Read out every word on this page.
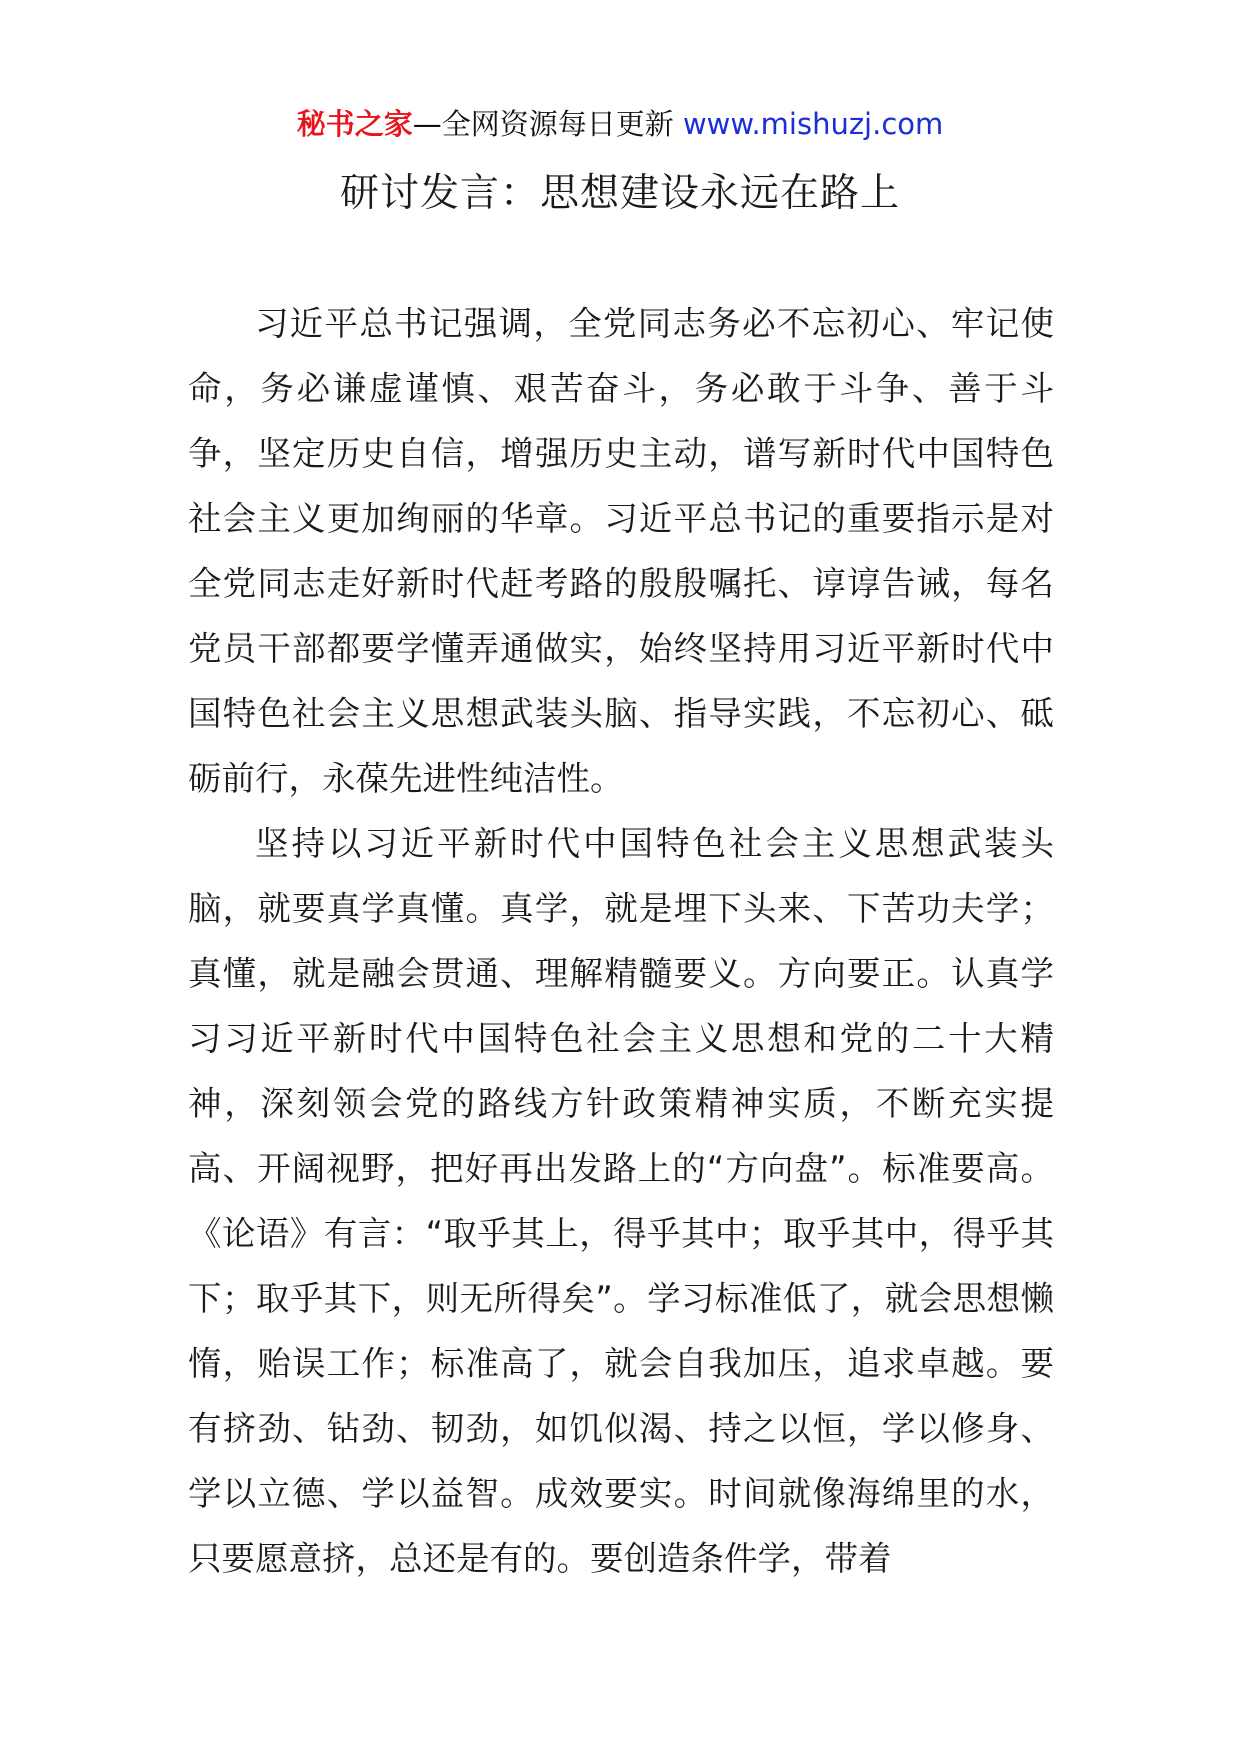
秘书之家—全网资源每日更新 www.mishuzj.com
研讨发言：思想建设永远在路上

习近平总书记强调，全党同志务必不忘初心、牢记使命，务必谦虚谨慎、艰苦奋斗，务必敢于斗争、善于斗争，坚定历史自信，增强历史主动，谱写新时代中国特色社会主义更加绚丽的华章。习近平总书记的重要指示是对全党同志走好新时代赶考路的殷殷嘱托、谆谆告诫，每名党员干部都要学懂弄通做实，始终坚持用习近平新时代中国特色社会主义思想武装头脑、指导实践，不忘初心、砥砺前行，永葆先进性纯洁性。

坚持以习近平新时代中国特色社会主义思想武装头脑，就要真学真懂。真学，就是埋下头来、下苦功夫学；真懂，就是融会贯通、理解精髓要义。方向要正。认真学习习近平新时代中国特色社会主义思想和党的二十大精神，深刻领会党的路线方针政策精神实质，不断充实提高、开阔视野，把好再出发路上的“方向盘”。标准要高。《论语》有言：“取乎其上，得乎其中；取乎其中，得乎其下；取乎其下，则无所得矣”。学习标准低了，就会思想懒惰，贻误工作；标准高了，就会自我加压，追求卓越。要有挤劲、钻劲、韧劲，如饥似渴、持之以恒，学以修身、学以立德、学以益智。成效要实。时间就像海绵里的水，只要愿意挤，总还是有的。要创造条件学，带着
